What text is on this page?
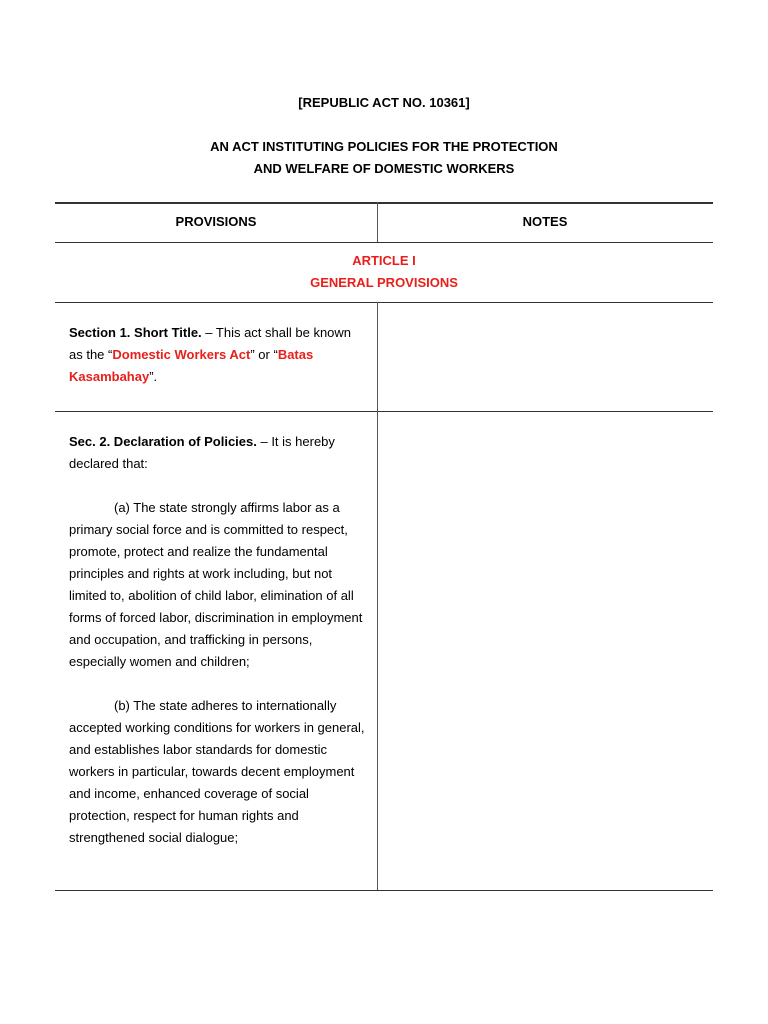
[REPUBLIC ACT NO. 10361]
AN ACT INSTITUTING POLICIES FOR THE PROTECTION
AND WELFARE OF DOMESTIC WORKERS
PROVISIONS	NOTES
ARTICLE I
GENERAL PROVISIONS

Section 1. Short Title. – This act shall be known as the “Domestic Workers Act” or “Batas Kasambahay”.

Sec. 2. Declaration of Policies. – It is hereby declared that:

(a) The state strongly affirms labor as a primary social force and is committed to respect, promote, protect and realize the fundamental principles and rights at work including, but not limited to, abolition of child labor, elimination of all forms of forced labor, discrimination in employment and occupation, and trafficking in persons, especially women and children;

(b) The state adheres to internationally accepted working conditions for workers in general, and establishes labor standards for domestic workers in particular, towards decent employment and income, enhanced coverage of social protection, respect for human rights and strengthened social dialogue;
